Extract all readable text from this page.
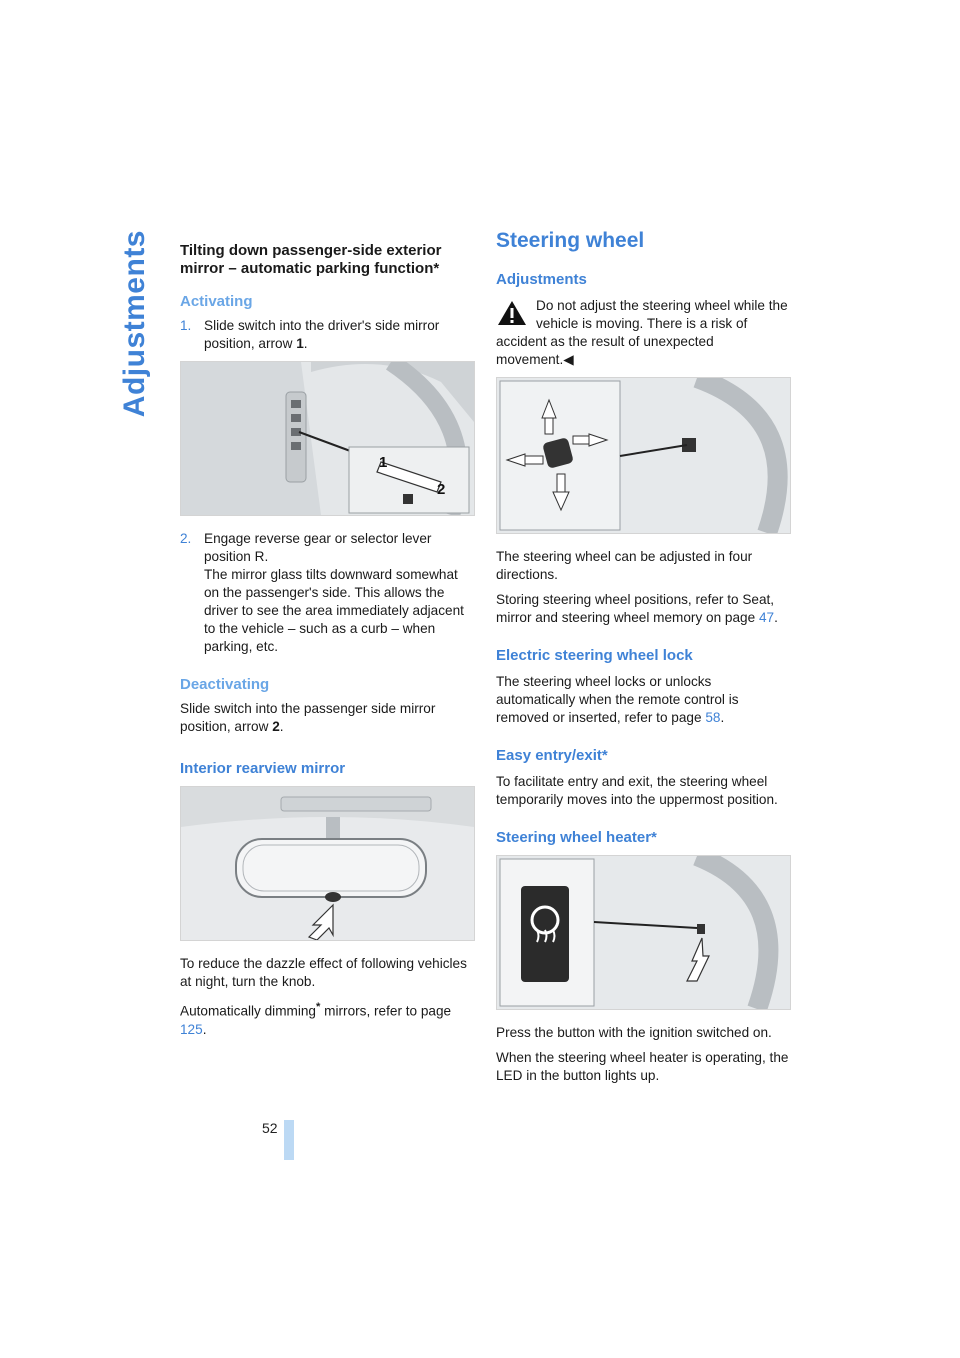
Adjustments Tilting down passenger-side exterior mirror – automatic parking function*
Activating
1. Slide switch into the driver's side mirror position, arrow 1.
1
2
2. Engage reverse gear or selector lever position R.
The mirror glass tilts downward somewhat on the passenger's side. This allows the driver to see the area immediately adjacent to the vehicle – such as a curb – when parking, etc.
Deactivating

Slide switch into the passenger side mirror position, arrow 2.

Interior rearview mirror

To reduce the dazzle effect of following vehicles at night, turn the knob.

Automatically dimming* mirrors, refer to page 125.

Steering wheel
Adjustments
Do not adjust the steering wheel while the vehicle is moving. There is a risk of accident as the result of unexpected movement.◀

The steering wheel can be adjusted in four directions.

Storing steering wheel positions, refer to Seat, mirror and steering wheel memory on page 47.

Electric steering wheel lock

The steering wheel locks or unlocks automatically when the remote control is removed or inserted, refer to page 58.

Easy entry/exit*

To facilitate entry and exit, the steering wheel temporarily moves into the uppermost position.

Steering wheel heater*

Press the button with the ignition switched on.

When the steering wheel heater is operating, the LED in the button lights up.

52
